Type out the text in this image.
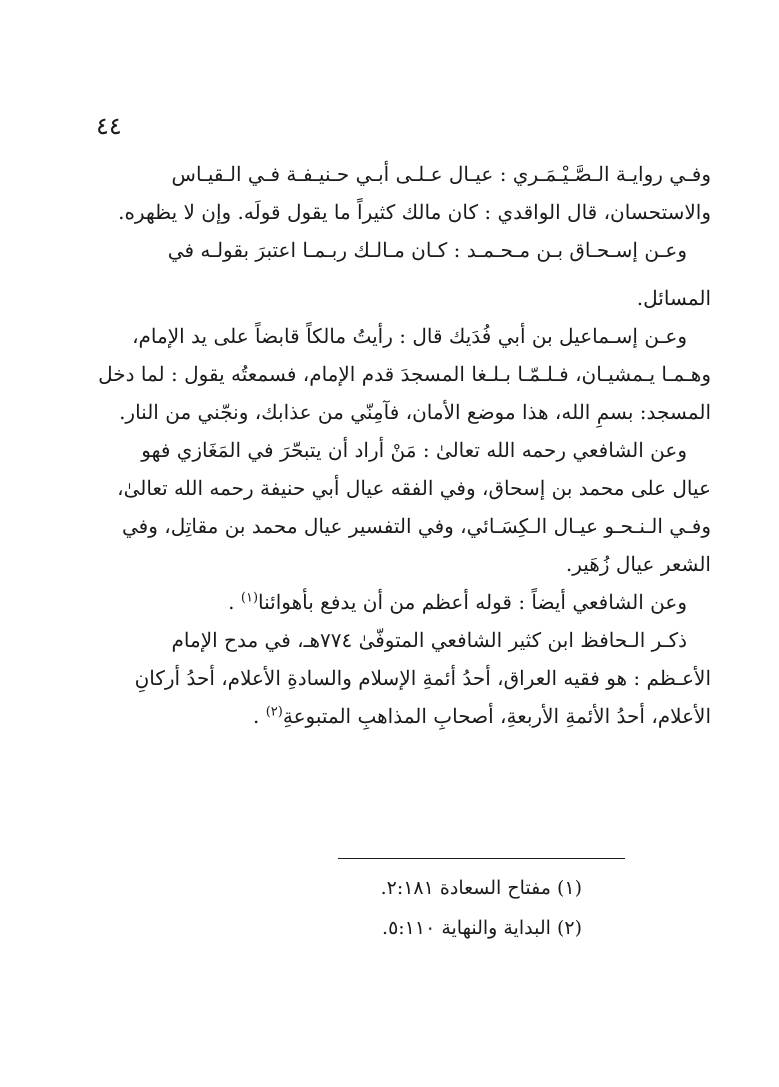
٤٤
وفـي روايـة الـصَّـيْـمَـري : عيـال عـلـى أبـي حـنيـفـة فـي الـقيـاس
والاستحسان، قال الواقدي : كان مالك كثيراً ما يقول قولَه. وإن لا يظهره.
وعـن إسـحـاق بـن مـحـمـد : كـان مـالـك ربـمـا اعتبرَ بقولـه في
المسائل.
وعـن إسـماعيل بن أبي فُدَيك قال : رأيتُ مالكاً قابضاً على يد الإمام،
وهـمـا يـمشيـان، فـلـمّـا بـلـغا المسجدَ قدم الإمام، فسمعتُه يقول : لما دخل
المسجد: بسمِ الله، هذا موضع الأمان، فآمِنّي من عذابك، ونجّني من النار.
وعن الشافعي رحمه الله تعالىٰ : مَنْ أراد أن يتبحّرَ في المَغَازي فهو
عيال على محمد بن إسحاق، وفي الفقه عيال أبي حنيفة رحمه الله تعالىٰ،
وفـي الـنـحـو عيـال الـكِسَـائي، وفي التفسير عيال محمد بن مقاتِل، وفي
الشعر عيال زُهَير.
وعن الشافعي أيضاً : قوله أعظم من أن يدفع بأهوائنا$^{(١)}$ .
ذكـر الـحافظ ابن كثير الشافعي المتوفّىٰ ٧٧٤هـ، في مدح الإمام
الأعـظم : هو فقيه العراق، أحدُ أئمةِ الإسلام والسادةِ الأعلام، أحدُ أركانِ
الأعلام، أحدُ الأئمةِ الأربعةِ، أصحابِ المذاهبِ المتبوعةِ$^{(٢)}$ .
(١) مفتاح السعادة ٢:١٨١.
(٢) البداية والنهاية ٥:١١٠.
